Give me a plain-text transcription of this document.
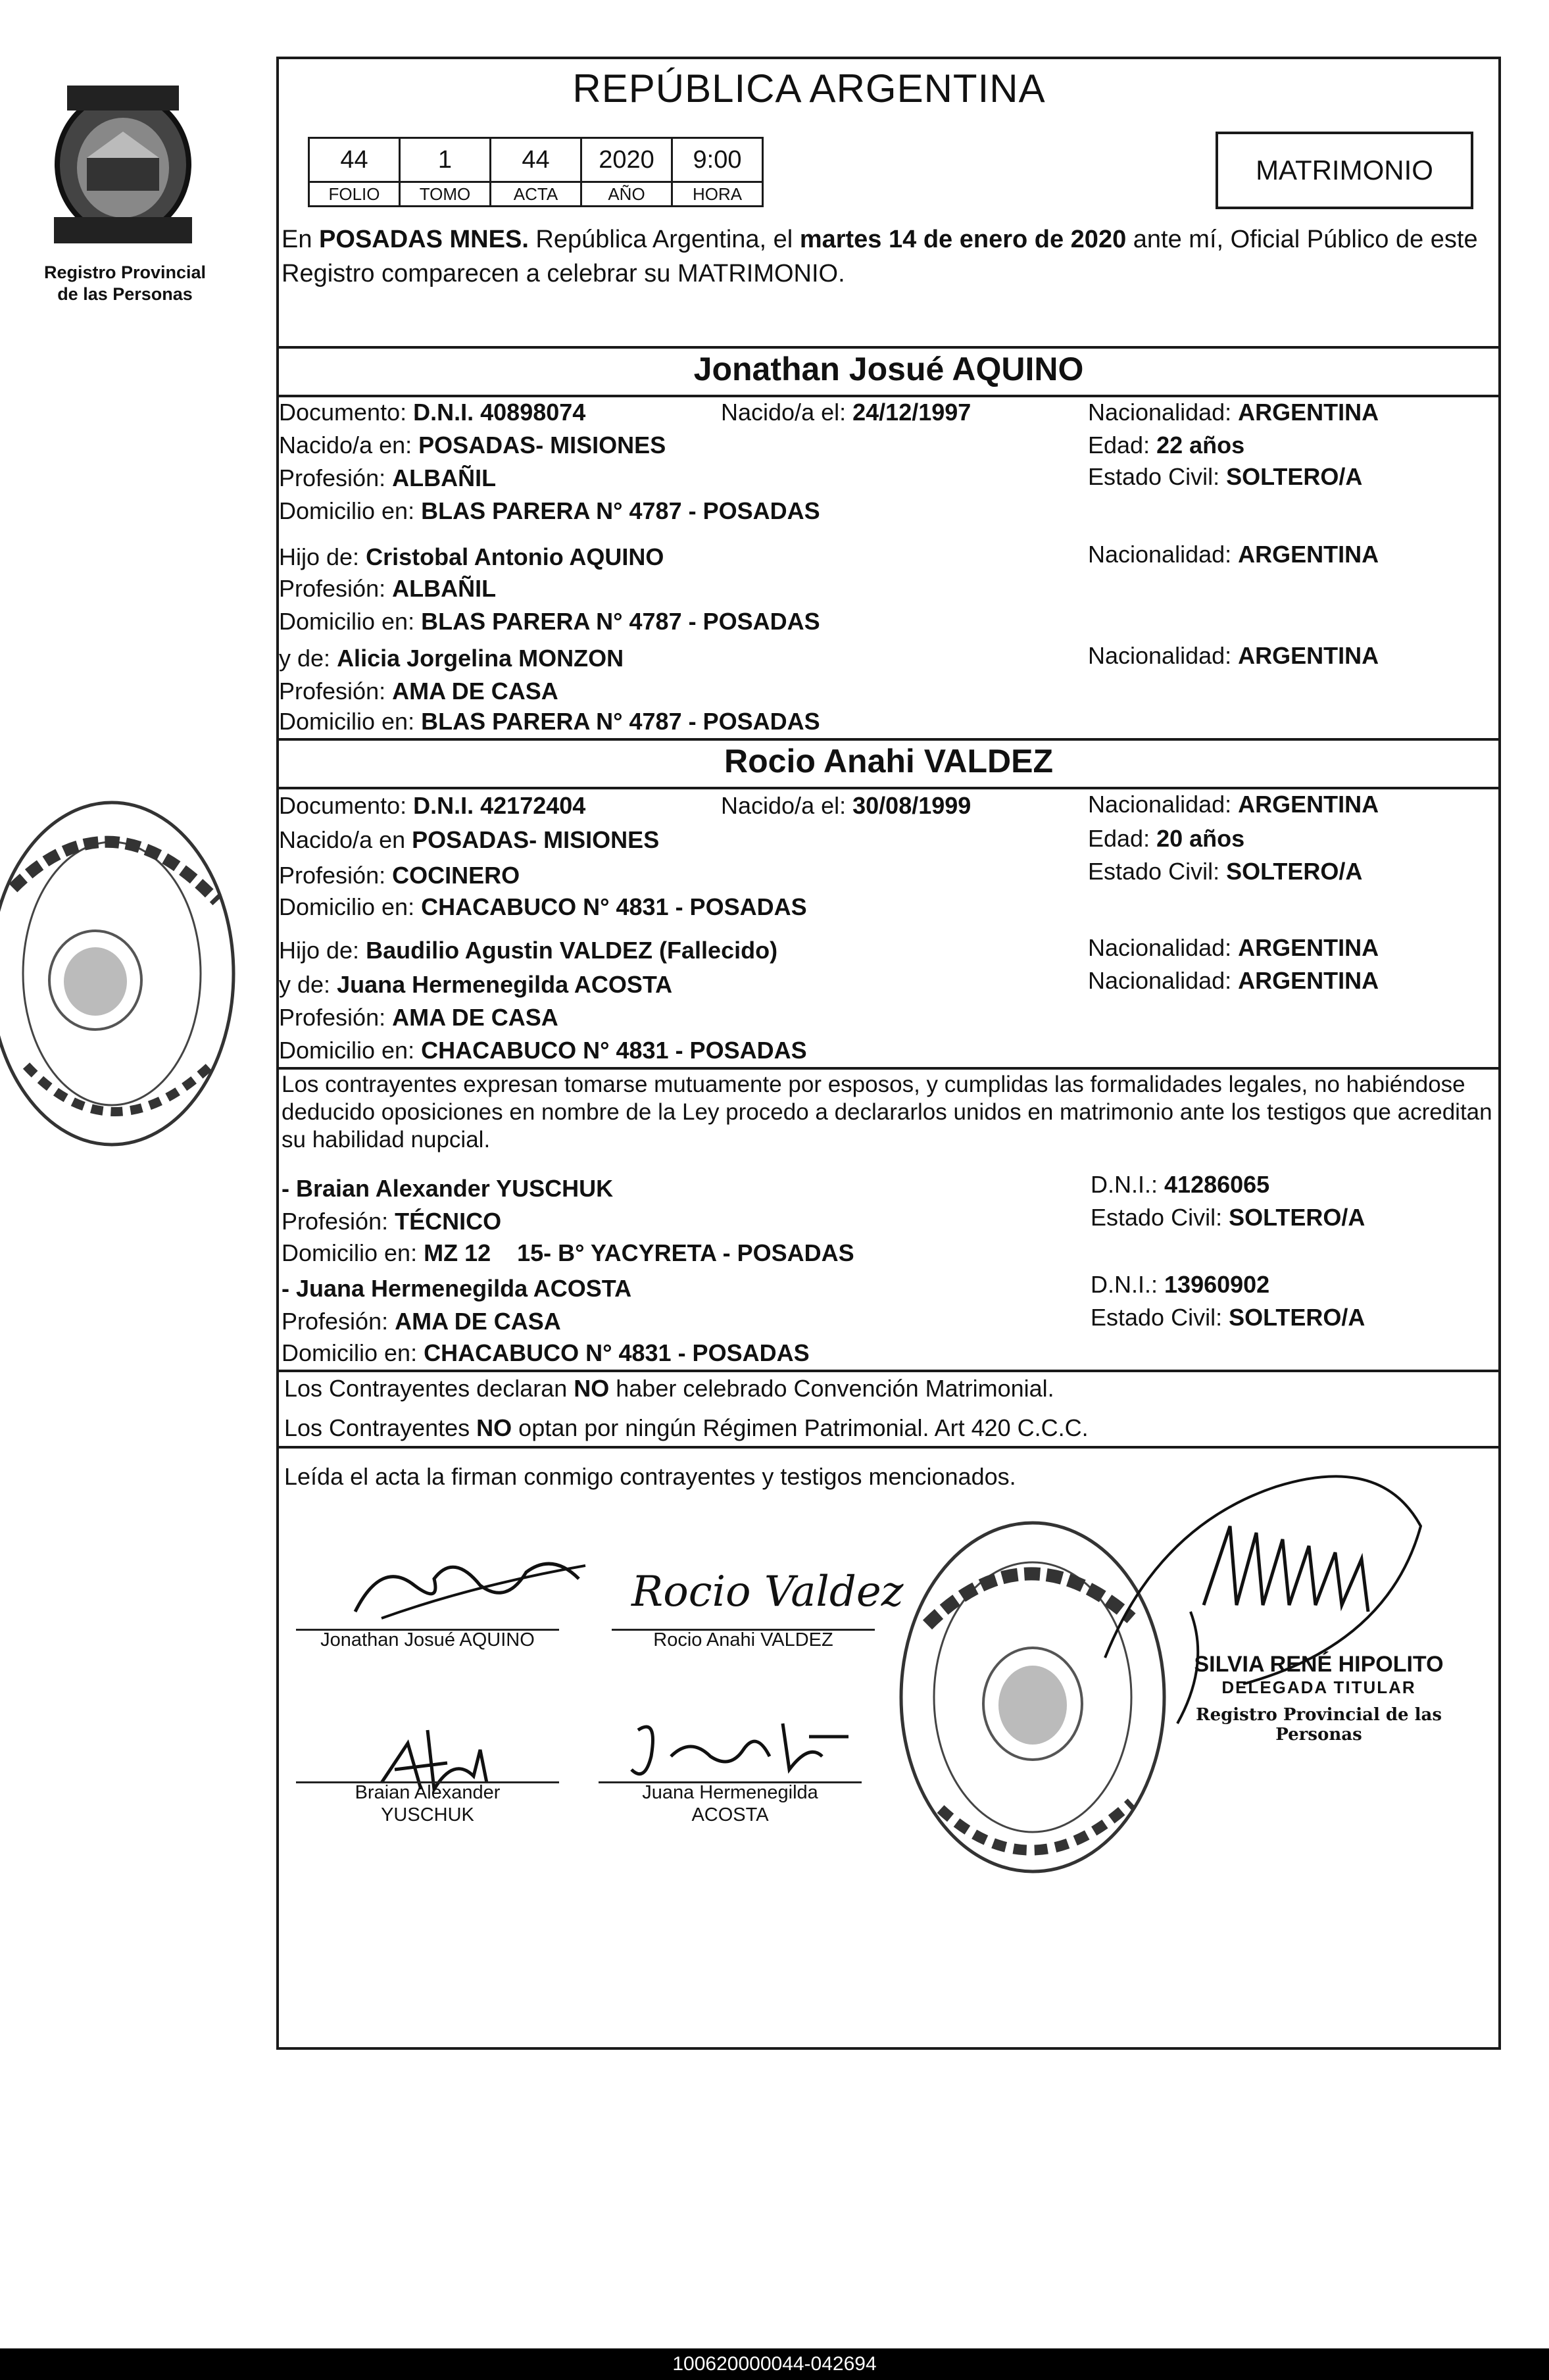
Registro Provincial
de las Personas
REPÚBLICA ARGENTINA
44	1	44	2020	9:00
FOLIO	TOMO	ACTA	AÑO	HORA
MATRIMONIO
En POSADAS MNES. República Argentina, el martes 14 de enero de 2020 ante mí, Oficial Público de este Registro comparecen a celebrar su MATRIMONIO.
Jonathan Josué AQUINO
Documento: D.N.I. 40898074	Nacido/a el: 24/12/1997	Nacionalidad: ARGENTINA
Nacido/a en: POSADAS- MISIONES	Edad: 22 años
Profesión: ALBAÑIL	Estado Civil: SOLTERO/A
Domicilio en: BLAS PARERA N° 4787 - POSADAS
Hijo de: Cristobal Antonio AQUINO	Nacionalidad: ARGENTINA
Profesión: ALBAÑIL
Domicilio en: BLAS PARERA N° 4787 - POSADAS
y de: Alicia Jorgelina MONZON	Nacionalidad: ARGENTINA
Profesión: AMA DE CASA
Domicilio en: BLAS PARERA N° 4787 - POSADAS
Rocio Anahi VALDEZ
Documento: D.N.I. 42172404	Nacido/a el: 30/08/1999	Nacionalidad: ARGENTINA
Nacido/a en POSADAS- MISIONES	Edad: 20 años
Profesión: COCINERO	Estado Civil: SOLTERO/A
Domicilio en: CHACABUCO N° 4831 - POSADAS
Hijo de: Baudilio Agustin VALDEZ (Fallecido)	Nacionalidad: ARGENTINA
y de: Juana Hermenegilda ACOSTA	Nacionalidad: ARGENTINA
Profesión: AMA DE CASA
Domicilio en: CHACABUCO N° 4831 - POSADAS
Los contrayentes expresan tomarse mutuamente por esposos, y cumplidas las formalidades legales, no habiéndose deducido oposiciones en nombre de la Ley procedo a declararlos unidos en matrimonio ante los testigos que acreditan su habilidad nupcial.
- Braian Alexander YUSCHUK	D.N.I.: 41286065
Profesión: TÉCNICO	Estado Civil: SOLTERO/A
Domicilio en: MZ 12    15- B° YACYRETA - POSADAS
- Juana Hermenegilda ACOSTA	D.N.I.: 13960902
Profesión: AMA DE CASA	Estado Civil: SOLTERO/A
Domicilio en: CHACABUCO N° 4831 - POSADAS
Los Contrayentes declaran NO haber celebrado Convención Matrimonial.
Los Contrayentes NO optan por ningún Régimen Patrimonial. Art 420 C.C.C.
Leída el acta la firman conmigo contrayentes y testigos mencionados.
Jonathan Josué AQUINO
Rocio Valdez
Rocio Anahi VALDEZ
Braian Alexander
YUSCHUK
Juana Hermenegilda
ACOSTA
SILVIA RENÉ HIPOLITO
DELEGADA TITULAR
Registro Provincial de las Personas
100620000044-042694
